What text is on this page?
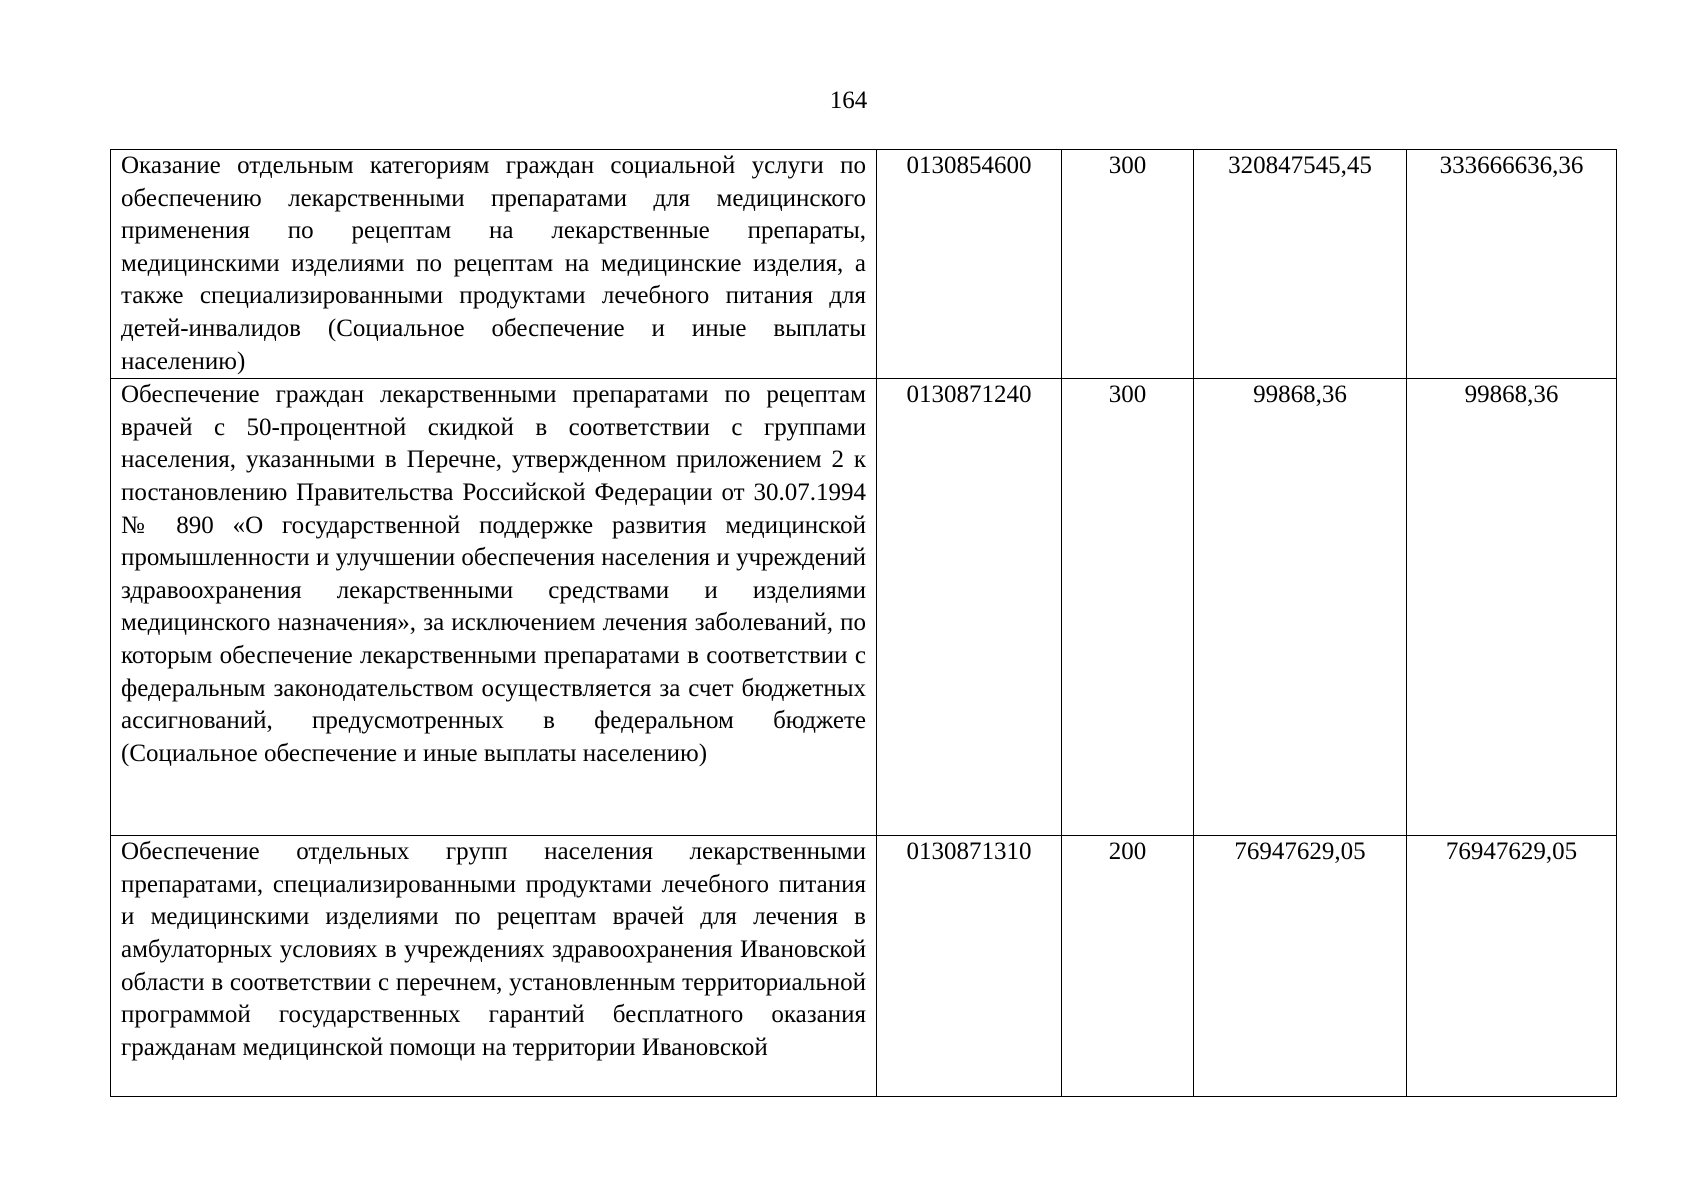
164
Оказание отдельным категориям граждан социальной услуги по обеспечению лекарственными препаратами для медицинского применения по рецептам на лекарственные препараты, медицинскими изделиями по рецептам на медицинские изделия, а также специализированными продуктами лечебного питания для детей-инвалидов (Социальное обеспечение и иные выплаты населению)	0130854600	300	320847545,45	333666636,36
Обеспечение граждан лекарственными препаратами по рецептам врачей с 50-процентной скидкой в соответствии с группами населения, указанными в Перечне, утвержденном приложением 2 к постановлению Правительства Российской Федерации от 30.07.1994 № 890 «О государственной поддержке развития медицинской промышленности и улучшении обеспечения населения и учреждений здравоохранения лекарственными средствами и изделиями медицинского назначения», за исключением лечения заболеваний, по которым обеспечение лекарственными препаратами в соответствии с федеральным законодательством осуществляется за счет бюджетных ассигнований, предусмотренных в федеральном бюджете (Социальное обеспечение и иные выплаты населению)	0130871240	300	99868,36	99868,36
Обеспечение отдельных групп населения лекарственными препаратами, специализированными продуктами лечебного питания и медицинскими изделиями по рецептам врачей для лечения в амбулаторных условиях в учреждениях здравоохранения Ивановской области в соответствии с перечнем, установленным территориальной программой государственных гарантий бесплатного оказания гражданам медицинской помощи на территории Ивановской	0130871310	200	76947629,05	76947629,05
